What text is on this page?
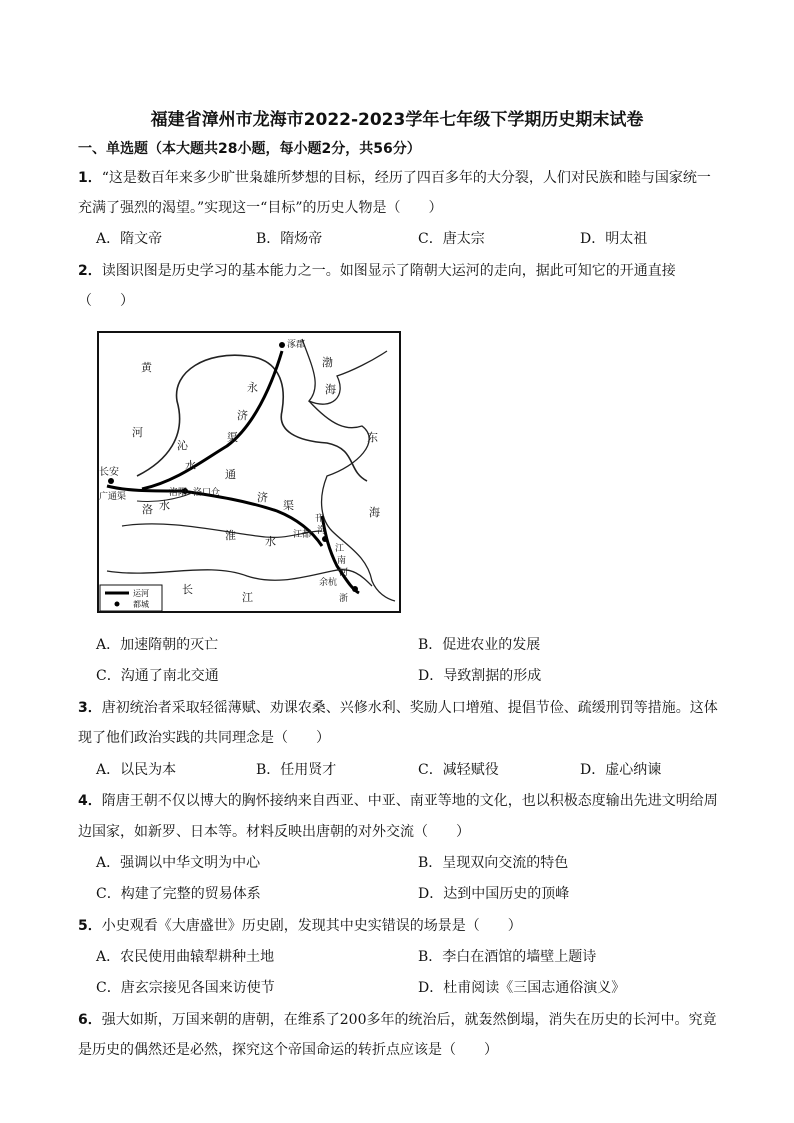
福建省漳州市龙海市2022-2023学年七年级下学期历史期末试卷
一、单选题（本大题共28小题，每小题2分，共56分）
1．“这是数百年来多少旷世枭雄所梦想的目标，经历了四百多年的大分裂，人们对民族和睦与国家统一
充满了强烈的渴望。”实现这一“目标”的历史人物是（　　）
A．隋文帝	B．隋炀帝	C．唐太宗	D．明太祖
2．读图识图是历史学习的基本能力之一。如图显示了隋朝大运河的走向，据此可知它的开通直接
（　　）
涿郡
渤
海
黄
河
永
济
渠
沁
水
长安
广通渠
洛 水
洛阳 洛口仓
通
济
渠
东
海
淮	水
邗
沟
江都
江
南
河
余杭
浙
长
江
运河
都城
A．加速隋朝的灭亡	B．促进农业的发展
C．沟通了南北交通	D．导致割据的形成
3．唐初统治者采取轻徭薄赋、劝课农桑、兴修水利、奖励人口增殖、提倡节俭、疏缓刑罚等措施。这体
现了他们政治实践的共同理念是（　　）
A．以民为本	B．任用贤才	C．减轻赋役	D．虚心纳谏
4．隋唐王朝不仅以博大的胸怀接纳来自西亚、中亚、南亚等地的文化，也以积极态度输出先进文明给周
边国家，如新罗、日本等。材料反映出唐朝的对外交流（　　）
A．强调以中华文明为中心	B．呈现双向交流的特色
C．构建了完整的贸易体系	D．达到中国历史的顶峰
5．小史观看《大唐盛世》历史剧，发现其中史实错误的场景是（　　）
A．农民使用曲辕犁耕种土地	B．李白在酒馆的墙壁上题诗
C．唐玄宗接见各国来访使节	D．杜甫阅读《三国志通俗演义》
6．强大如斯，万国来朝的唐朝，在维系了200多年的统治后，就轰然倒塌，消失在历史的长河中。究竟
是历史的偶然还是必然，探究这个帝国命运的转折点应该是（　　）
